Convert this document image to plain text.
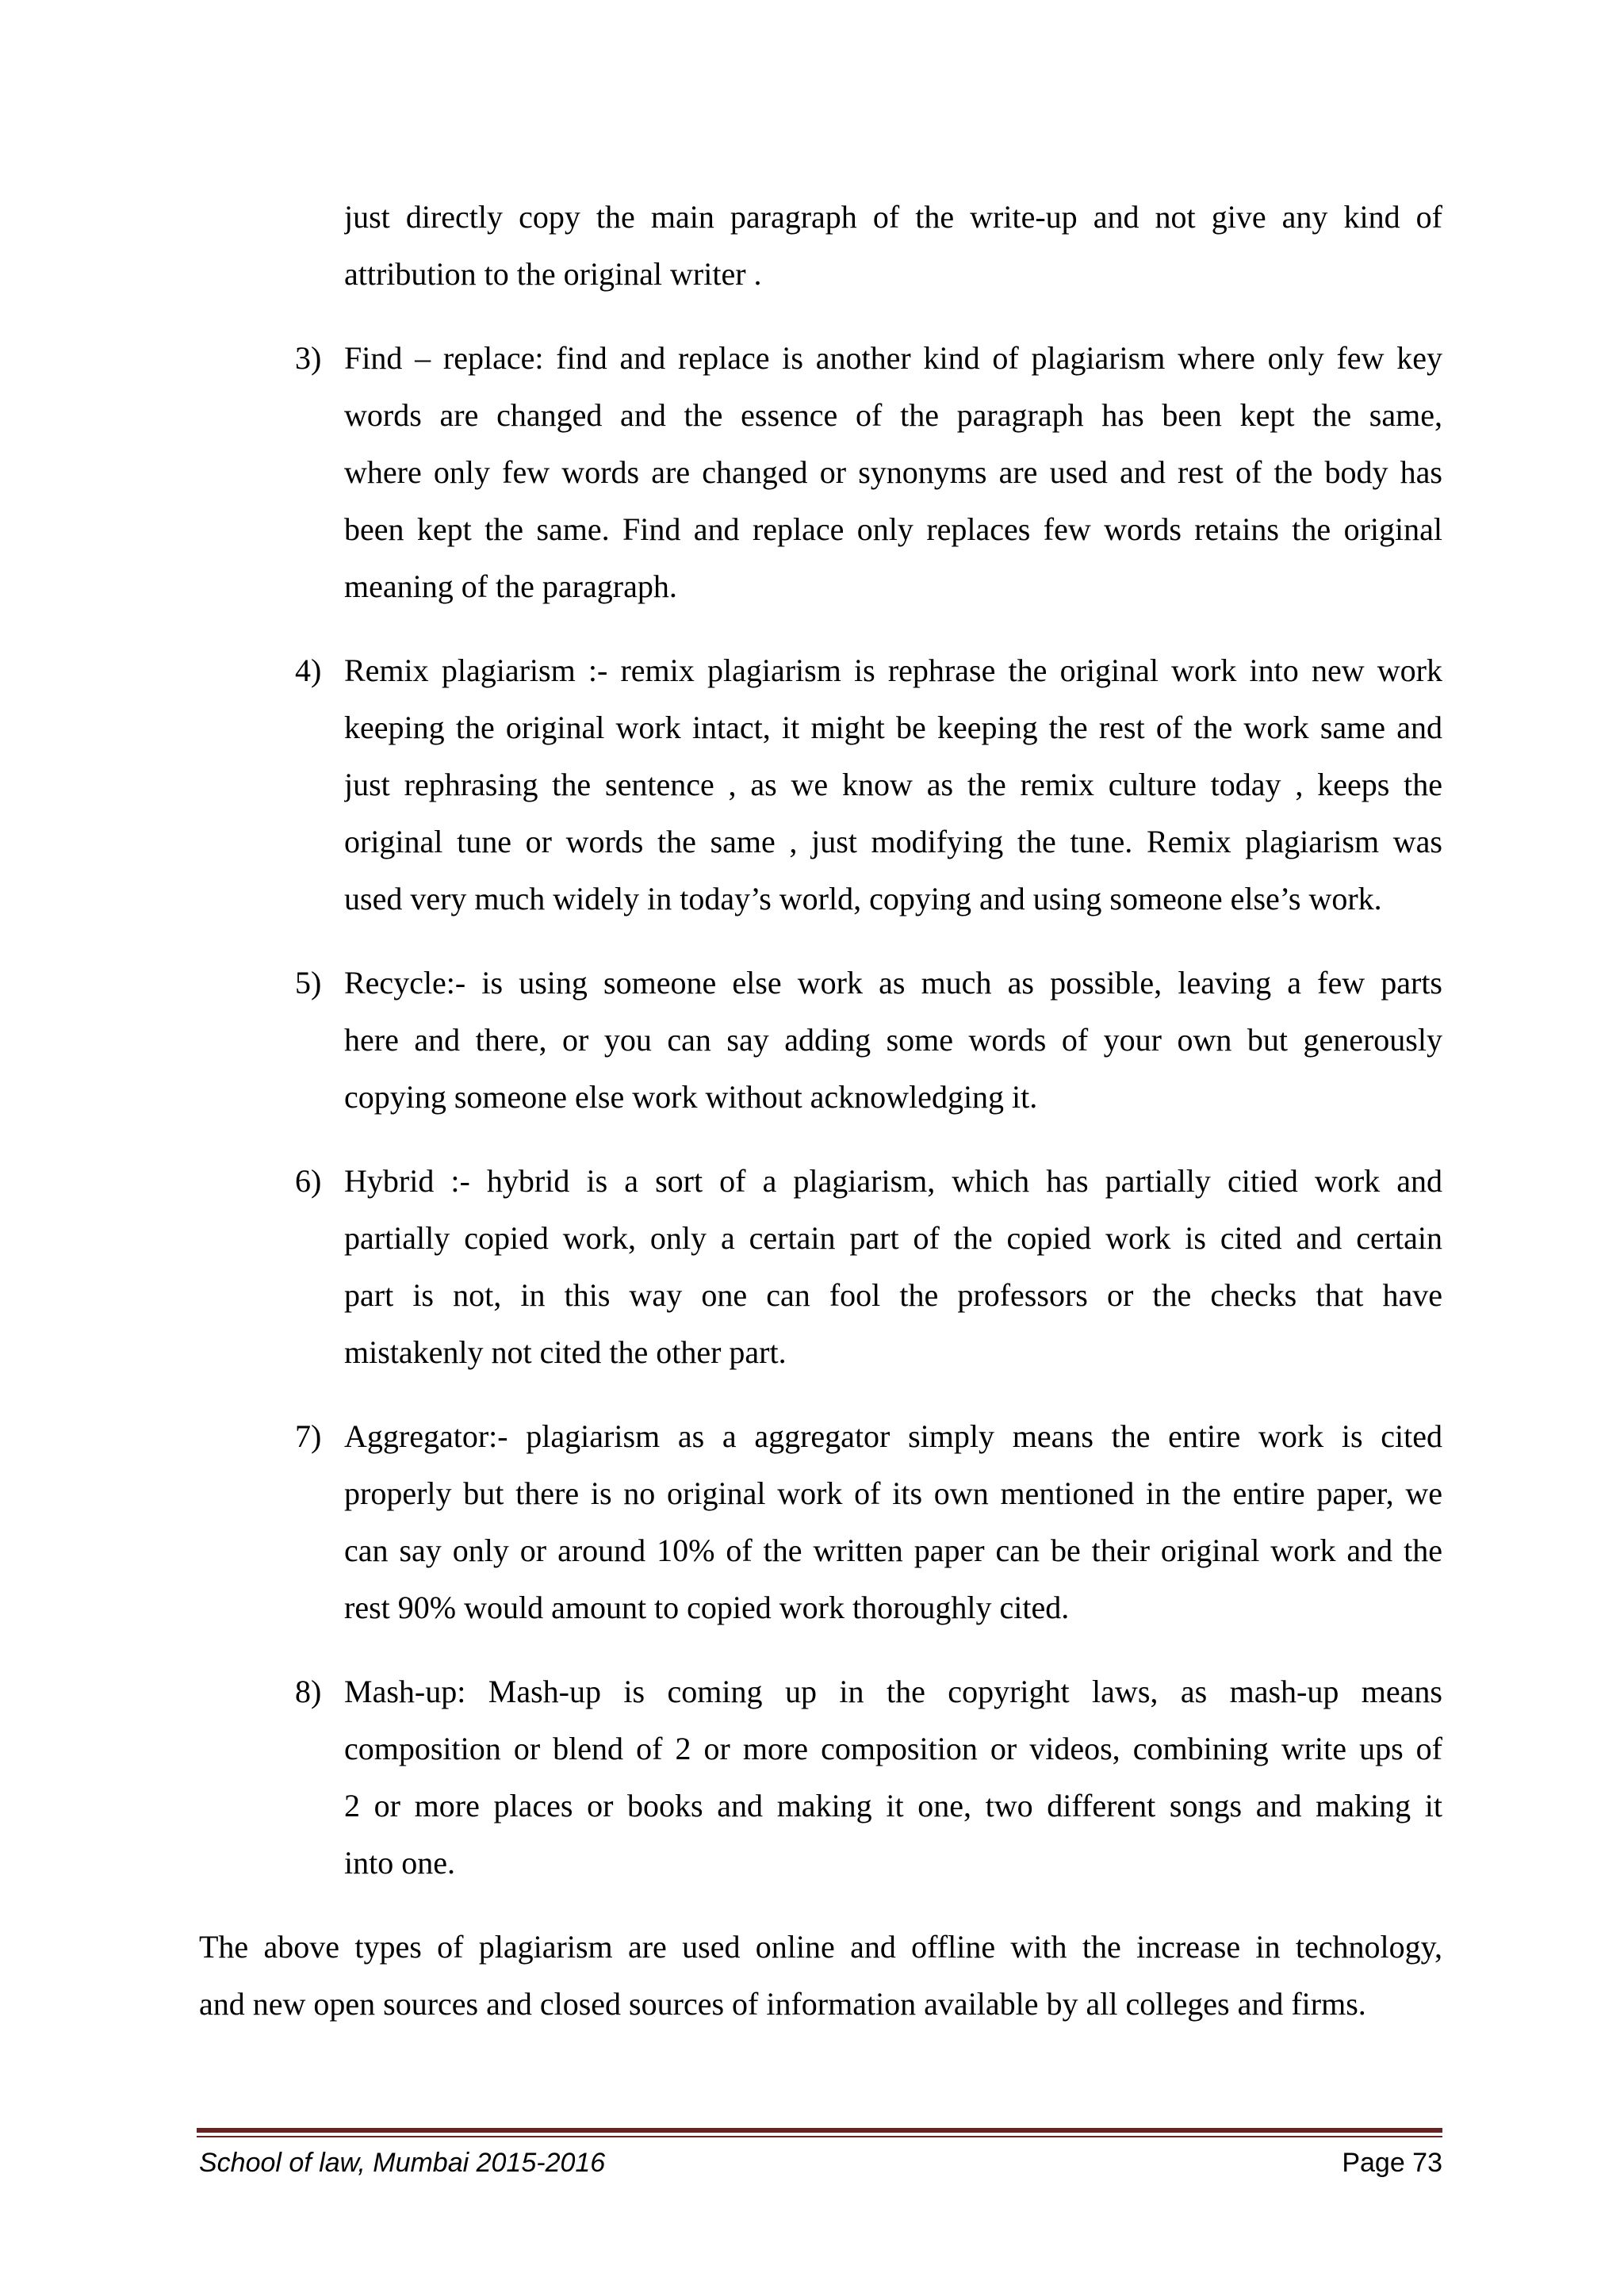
just directly copy the main paragraph of the write-up and not give any kind of
attribution to the original writer .
3) Find – replace: find and replace is another kind of plagiarism where only few key
words are changed and the essence of the paragraph has been kept the same,
where only few words are changed or synonyms are used and rest of the body has
been kept the same. Find and replace only replaces few words retains the original
meaning of the paragraph.
4) Remix plagiarism :- remix plagiarism is rephrase the original work into new work
keeping the original work intact, it might be keeping the rest of the work same and
just rephrasing the sentence , as we know as the remix culture today , keeps the
original tune or words the same , just modifying the tune. Remix plagiarism was
used very much widely in today’s world, copying and using someone else’s work.
5) Recycle:- is using someone else work as much as possible, leaving a few parts
here and there, or you can say adding some words of your own but generously
copying someone else work without acknowledging it.
6) Hybrid :- hybrid is a sort of a plagiarism, which has partially citied work and
partially copied work, only a certain part of the copied work is cited and certain
part is not, in this way one can fool the professors or the checks that have
mistakenly not cited the other part.
7) Aggregator:- plagiarism as a aggregator simply means the entire work is cited
properly but there is no original work of its own mentioned in the entire paper, we
can say only or around 10% of the written paper can be their original work and the
rest 90% would amount to copied work thoroughly cited.
8) Mash-up: Mash-up is coming up in the copyright laws, as mash-up means
composition or blend of 2 or more composition or videos, combining write ups of
2 or more places or books and making it one, two different songs and making it
into one.
The above types of plagiarism are used online and offline with the increase in technology,
and new open sources and closed sources of information available by all colleges and firms.
School of law, Mumbai 2015-2016	Page 73
